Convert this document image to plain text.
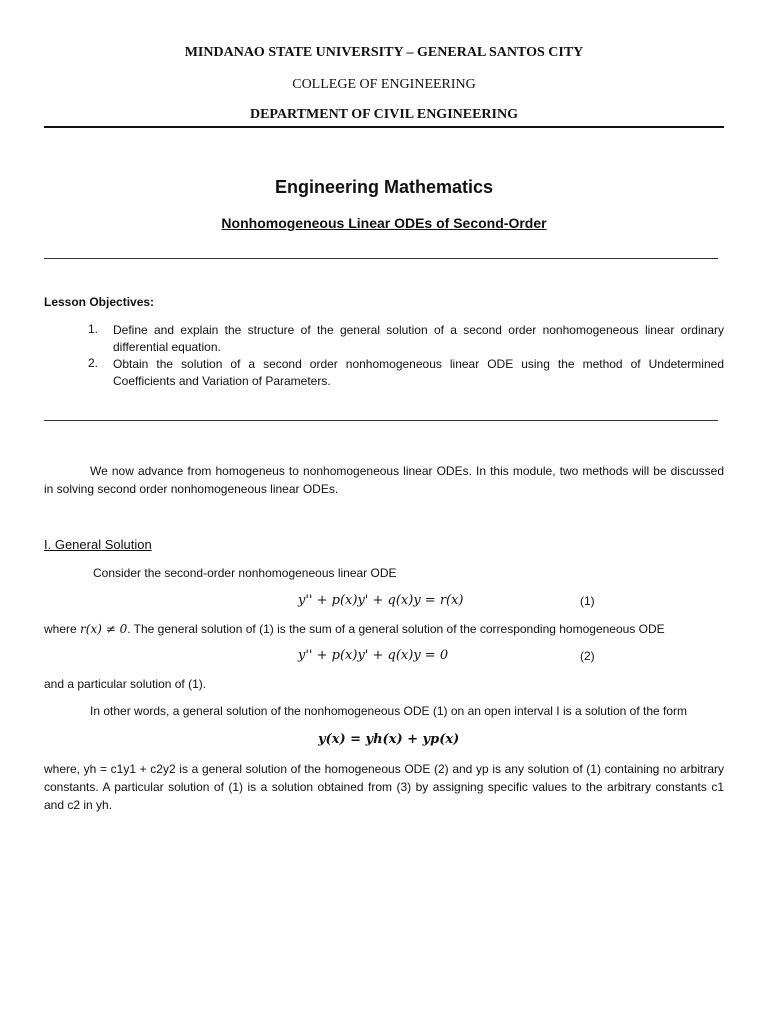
MINDANAO STATE UNIVERSITY – GENERAL SANTOS CITY
COLLEGE OF ENGINEERING
DEPARTMENT OF CIVIL ENGINEERING
Engineering Mathematics
Nonhomogeneous Linear ODEs of Second-Order
Lesson Objectives:
1. Define and explain the structure of the general solution of a second order nonhomogeneous linear ordinary differential equation.
2. Obtain the solution of a second order nonhomogeneous linear ODE using the method of Undetermined Coefficients and Variation of Parameters.
We now advance from homogeneus to nonhomogeneous linear ODEs. In this module, two methods will be discussed in solving second order nonhomogeneous linear ODEs.
I. General Solution
Consider the second-order nonhomogeneous linear ODE
y'' + p(x)y' + q(x)y = r(x)	(1)
where r(x) ≠ 0. The general solution of (1) is the sum of a general solution of the corresponding homogeneous ODE
y'' + p(x)y' + q(x)y = 0	(2)
and a particular solution of (1).
In other words, a general solution of the nonhomogeneous ODE (1) on an open interval I is a solution of the form
y(x) = yh(x) + yp(x)
where, yh = c1y1 + c2y2 is a general solution of the homogeneous ODE (2) and yp is any solution of (1) containing no arbitrary constants. A particular solution of (1) is a solution obtained from (3) by assigning specific values to the arbitrary constants c1 and c2 in yh.
